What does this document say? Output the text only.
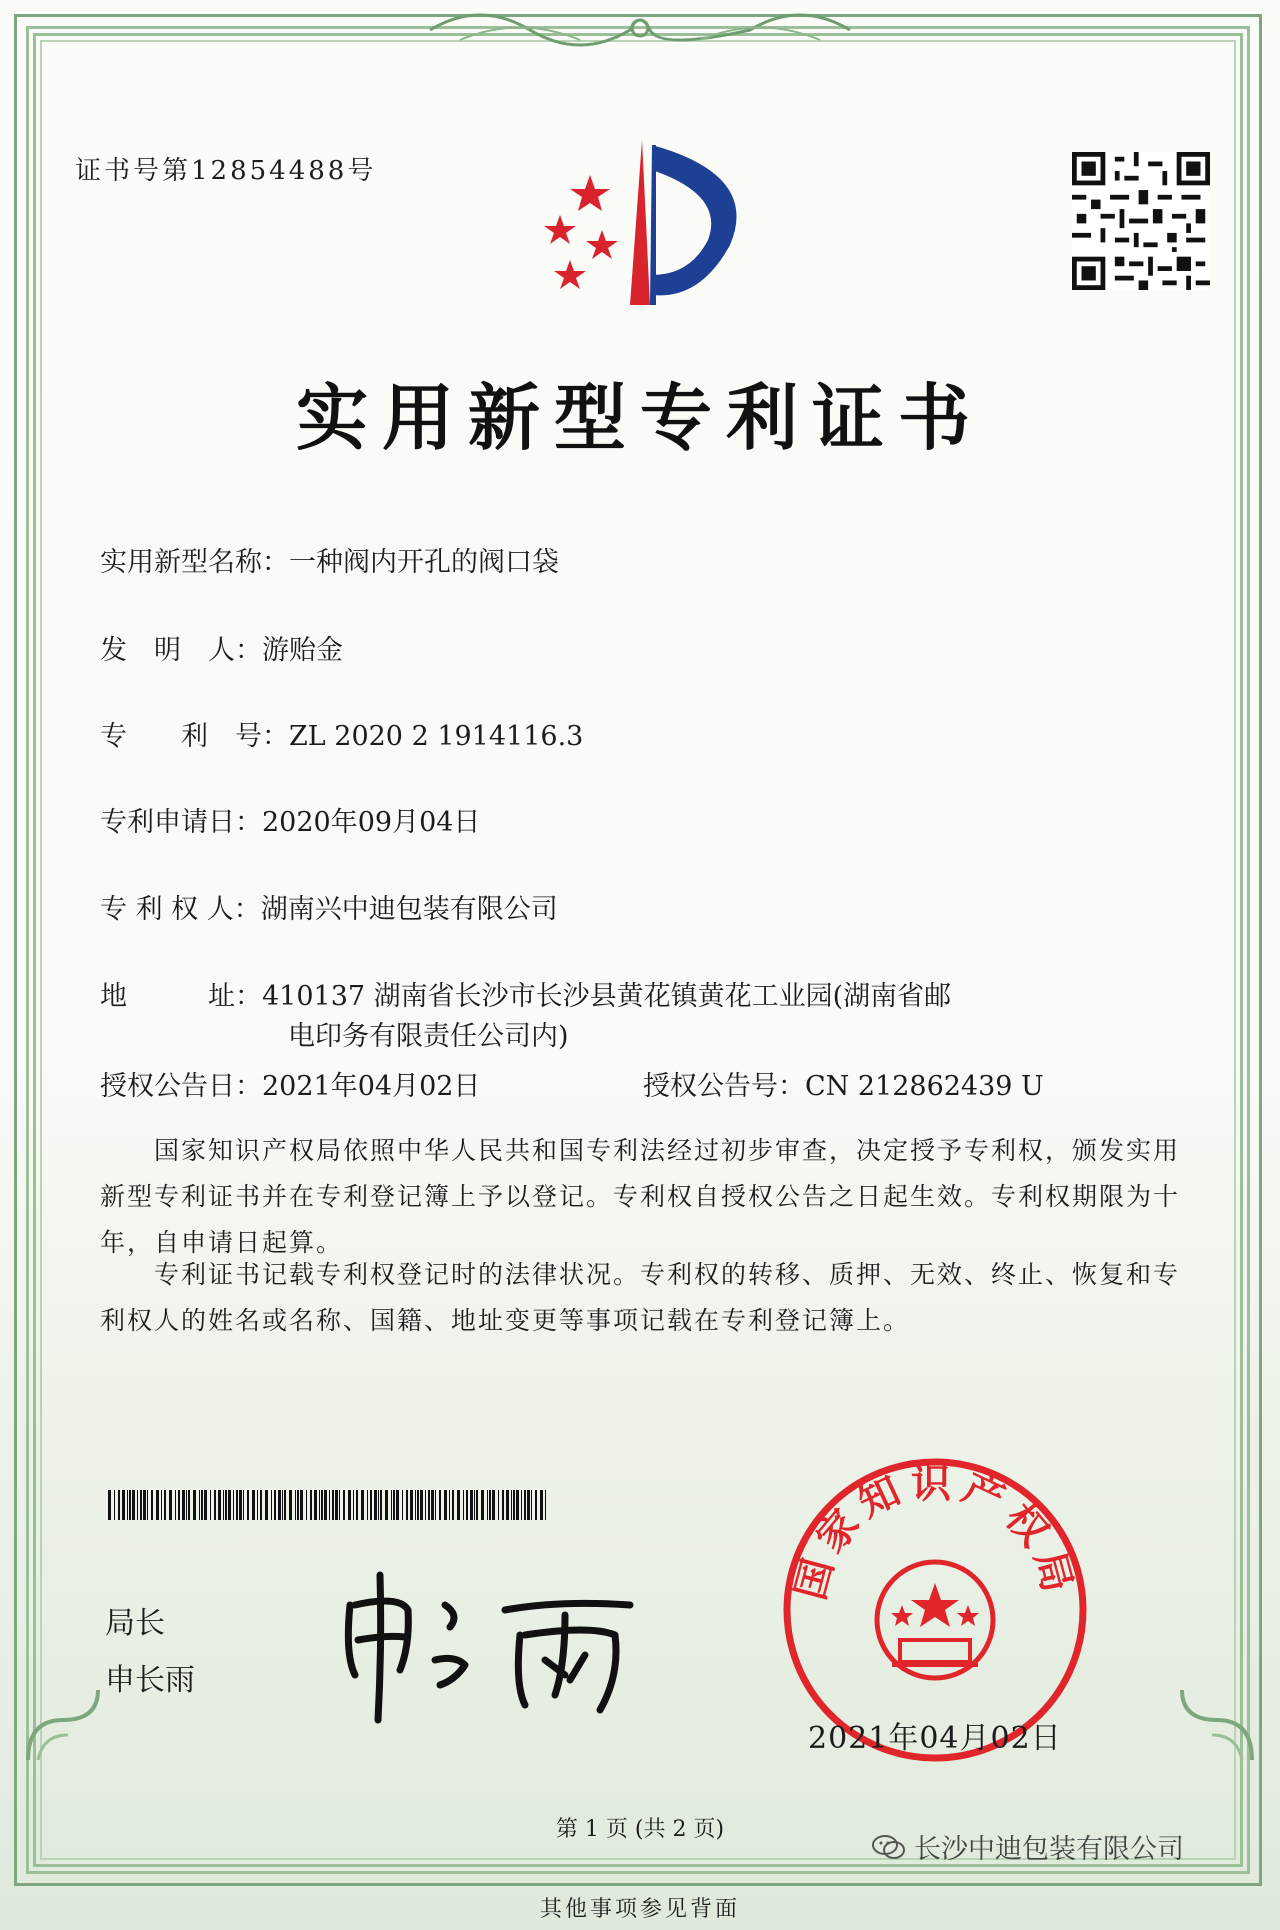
证书号第12854488号
实用新型专利证书
实用新型名称：一种阀内开孔的阀口袋
发　明　人：游贻金
专　　利　号：ZL 2020 2 1914116.3
专利申请日：2020年09月04日
专 利 权 人：湖南兴中迪包装有限公司
地　　　址：410137 湖南省长沙市长沙县黄花镇黄花工业园(湖南省邮
电印务有限责任公司内)
授权公告日：2021年04月02日	授权公告号：CN 212862439 U
国家知识产权局依照中华人民共和国专利法经过初步审查，决定授予专利权，颁发实用
新型专利证书并在专利登记簿上予以登记。专利权自授权公告之日起生效。专利权期限为十
年，自申请日起算。
专利证书记载专利权登记时的法律状况。专利权的转移、质押、无效、终止、恢复和专
利权人的姓名或名称、国籍、地址变更等事项记载在专利登记簿上。
局长
申长雨
国家知识产权局
2021年04月02日
第 1 页 (共 2 页)
长沙中迪包装有限公司
其他事项参见背面
